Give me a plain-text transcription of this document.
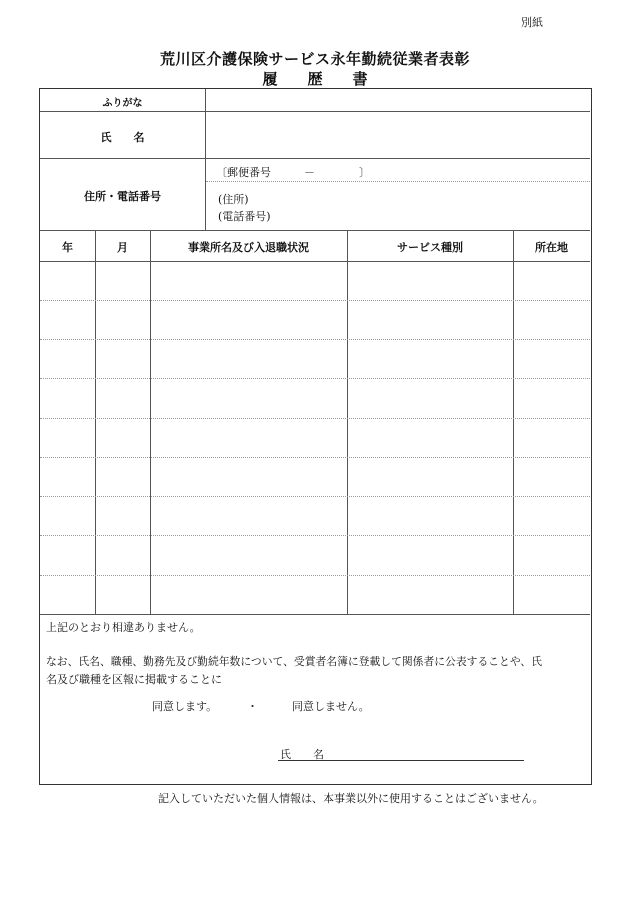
別紙
荒川区介護保険サービス永年勤続従業者表彰
履歴書
ふりがな
氏　　名
住所・電話番号
〔郵便番号　　　－　　　　〕
(住所)
(電話番号)
年	月	事業所名及び入退職状況	サービス種別	所在地
上記のとおり相違ありません。
なお、氏名、職種、勤務先及び勤続年数について、受賞者名簿に登載して関係者に公表することや、氏
名及び職種を区報に掲載することに
同意します。	・	同意しません。
氏　　名
記入していただいた個人情報は、本事業以外に使用することはございません。
